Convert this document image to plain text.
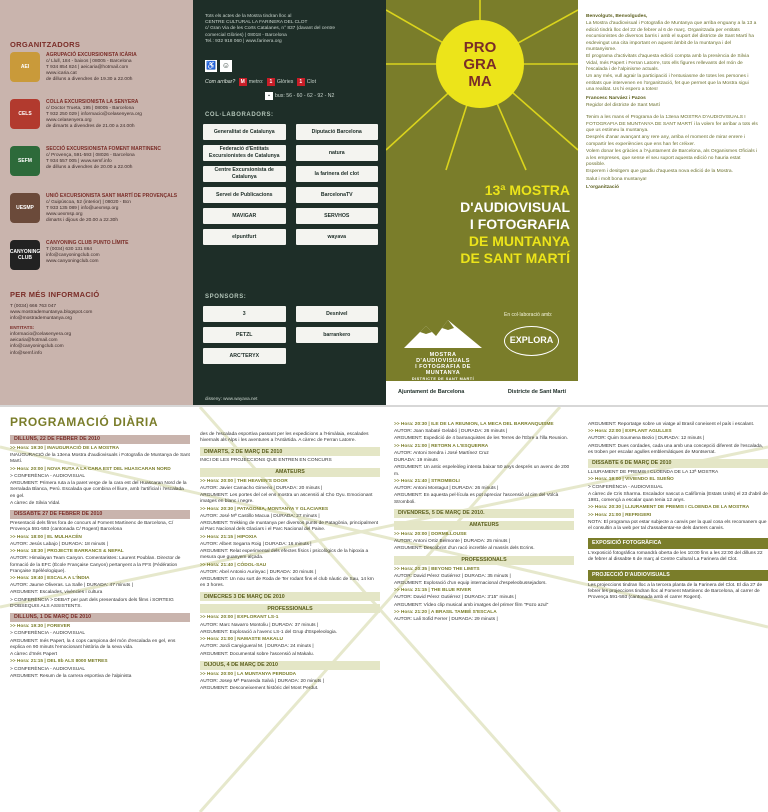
ORGANITZADORS
AEI
AGRUPACIÓ EXCURSIONISTA ICÀRIA
c/ Llull, 184 - baixos | 08005 - Barcelona
T 934 854 824 | aeicaria@hotmail.com
www.icaria.cat
de dilluns a divendres de 19.30 a 22.00h
CELS
COLLA EXCURSIONISTA LA SENYERA
c/ Doctor Trueta, 195 | 08005 - Barcelona
T 932 250 029 | informacio@celasenyera.org
www.celasenyera.org
de dimarts a divendres de 21.00 a 24.00h
SEFM
SECCIÓ EXCURSIONISTA FOMENT MARTINENC
c/ Provença, 591-593 | 08026 - Barcelona
T 934 557 005 | www.semf.info
de dilluns a divendres de 20.00 a 22.00h
UESMP
UNIÓ EXCURSIONISTA SANT MARTÍ DE PROVENÇALS
c/ Guipúscoa, 52 (interior) | 08020 - Bcn
T 933 135 089 | info@uexmsp.org
www.uexmsp.org
dimarts i dijous de 20.00 a 22.30h
CANYONING CLUB
CANYONING CLUB PUNTO LÍMITE
T (0034) 630 131 864
info@canyoningclub.com
www.canyoningclub.com
PER MÉS INFORMACIÓ
T (0034) 666 763 047
www.mostrademuntanya.blogspot.com
info@mostrademuntanya.org
ENTITATS:
informacio@celasenyera.org
aeicaria@hotmail.com
info@canyoningclub.com
info@semf.info
Tots els actes de la Mostra tindran lloc al
CENTRE CULTURAL LA FARINERA DEL CLOT
c/ Gran Via de les Corts Catalanes, n° 837 (davant del centre
comercial Glòries) | 08018 - Barcelona
Tel.: 932 918 060 | www.farinera.org
♿ ☺
Com arribar? M metro: 1 Glòries 1 Clot
▪ bus: 56 - 60 - 62 - 92 - N2
COL·LABORADORS:
Generalitat de Catalunya	Diputació Barcelona
Federació d'Entitats Excursionistes de Catalunya
natura
Centre Excursionista de Catalunya
la farinera del clot
Servei de Publicacions	BarcelonaTV
MAVIGAR	SERVHOS
elpuntfurt	wayava
SPONSORS:
3	Desnivel
PETZL	barrankero
ARC'TERYX
disseny: www.wayava.net
PRO
GRA
MA
13ª MOSTRA
D'AUDIOVISUAL
I FOTOGRAFIA
DE MUNTANYA
DE SANT MARTÍ
MOSTRA
D'AUDIOVISUALS
I FOTOGRAFIA DE
MUNTANYA
DISTRICTE DE SANT MARTÍ
En col·laboració amb:
EXPLORA
Ajuntament de Barcelona	Districte de Sant Martí
Benvolguts, Benvolgudes,
La Mostra d'audiovisual i Fotografia de Muntanya que arriba enguany a la 13 a edició tindrà lloc del 22 de febrer al 6 de març. Organitzada per entitats excursionistes de diversos barris i amb el suport del districte de Sant Martí ha esdevingut una cita important en aquest àmbit de la muntanya i del muntanyisme.
El programa d'activitats d'aquesta edició compta amb la presència de Silvia Vidal, Inés Papert i Ferran Latorre, tots ells figures rellevants del món de l'escalada i de l'alpinisme actuals.
Un any més, vull agrair la participació i l'entusiasme de totes les persones i entitats que intervenen en l'organització, fet que permet que la Mostra sigui una realitat. Us hi espero a totes!
Francesc Narváez i Pazos
Regidor del districte de Sant Martí
Tenim a les mans el Programa de la 13ena MOSTRA D'AUDIOVISUALS I FOTOGRAFIA DE MUNTANYA DE SANT MARTÍ i la volem fer arribar a tots els que us estimeu la muntanya.
Després d'anar avançant any rere any, arriba el moment de mirar enrere i compartir les experiències que ens han fet créixer.
Volem donar les gràcies a l'Ajuntament de Barcelona, als Organismes Oficials i a les empreses, que sense el seu suport aquesta edició no hauria estat possible.
Esperem i desitgem que gaudiu d'aquesta nova edició de la Mostra.
Salut i molt bona muntanya!
L'organització
PROGRAMACIÓ DIÀRIA
DILLUNS, 22 DE FEBRER DE 2010
>> Hora: 19:30 | INAUGURACIÓ DE LA MOSTRA
INAUGURACIÓ de la 13ena Mostra d'audiovisuals i Fotografia de Muntanya de Sant Martí.
>> Hora: 20:00 | NOVA RUTA A LA CARA EST DEL HUASCARAN NORD
> CONFERÈNCIA - AUDIOVISUAL
ARGUMENT: Primera ruta a la paret verge de la cara est del Huascaran Nord de la Serralada Blanca, Perú. Escalada que combina el lliure, amb l'artificial i l'escalada en gel.
A càrrec de Silvia Vidal.
DISSABTE 27 DE FEBRER DE 2010
Presentació dels films fora de concurs al Foment Martinenc de Barcelona, C/ Provença 591-593 (cantonada C/ Rogent) Barcelona
>> Hora: 18:00 | EL MULHACÉN
AUTOR: Jesús Labajo | DURADA: 18 minuts |
>> Hora: 18:30 | PROJECTE BARRANCS & NEPAL
AUTOR: Himalayan Team Canyon. Comentaristes: Laurent Poublan. Director de formació de la EFC (École Française Canyon) pertanyent a la FFS (Fédération Française Spéléologique).
>> Hora: 19:40 | ESCALA A L'ÍNDIA
AUTOR: Jaume Oliveras. La Salle | DURADA: 47 minuts |
ARGUMENT: Escalades, vivències i cultura
> CONFERÈNCIA > DEBAT per part dels presentadors dels films i SORTEIG D'OBSEQUIS ALS ASSISTENTS.
DILLUNS, 1 DE MARÇ DE 2010
>> Hora: 19:30 | FOREVER
> CONFERÈNCIA - AUDIOVISUAL
ARGUMENT: Inés Papert, la 4 cops campiona del món d'escalada en gel, ens explica en 90 minuts l'emocionant història de la seva vida.
A càrrec d'Inés Papert
>> Hora: 21:15 | DEL 8b ALS 8000 METRES
> CONFERÈNCIA - AUDIOVISUAL
ARGUMENT: Resum de la carrera esportiva de l'alpinista
des de l'escalada esportiva passant per les expedicions a l'Himàlaia, escalades hivernals als Alps i les aventures a l'Antàrtida. A càrrec de Ferran Latorre.
DIMARTS, 2 DE MARÇ DE 2010
INICI DE LES PROJECCIONS QUE ENTREN EN CONCURS
AMATEURS
>> Hora: 20:00 | THE HEAVEN'S DOOR
AUTOR: Javier Camacho Gimeno | DURADA: 20 minuts |
ARGUMENT: Les portes del cel ens mostra un ascensió al Cho Oyu. Emocionant imatges en blanc i negre.
>> Hora: 20:30 | PATAGONIA, MONTANYA Y GLACIARES
AUTOR: José Mª Castillo Macua | DURADA: 27 minuts |
ARGUMENT: Trekking de muntanya per diversos punts de Patagònia, principalment al Parc Nacional dels Glaciars i el Parc Nacional del Paine.
>> Hora: 21:15 | HIPOXIA
AUTOR: Albert Segarra Roig | DURADA: 16 minuts |
ARGUMENT: Relat experimental dels efectes físics i psicològics de la hipoxia a mesura que guanyem alçada.
>> Hora: 21:40 | CÓDOL-SAU
AUTOR: Abel Antonio Aurinyac | DURADA: 20 minuts |
ARGUMENT: Un nou surt de Roda de Ter rodant fins el club nàutic de Sau, 14 km en 3 hores.
DIMECRES 3 DE MARÇ DE 2010
PROFESSIONALS
>> Hora: 20:00 | EXPLORANT LS-1
AUTOR: Marc Navarro Montoliu | DURADA: 37 minuts |
ARGUMENT: Exploració a l'avenc LS-1 del Grup d'Espeleologia.
>> Hora: 21:00 | NAMASTE MAKALU
AUTOR: Jordi Canyigueral M. | DURADA: 24 minuts |
ARGUMENT: Documental sobre l'ascensió al Makalu.
DIJOUS, 4 DE MARÇ DE 2010
>> Hora: 20:00 | LA MUNTANYA PERDUDA
AUTOR: Josep Mª Parareda Salvà | DURADA: 20 minuts |
ARGUMENT: Desconeixement històric del Mont Perdut.
>> Hora: 20:30 | ILE DE LA REUNION, LA MECA DEL BARRANQUISME
AUTOR: Joan Sabaté Gelabó | DURADA: 26 minuts |
ARGUMENT: Expedició de 4 barranquistes de les Terres de l'Ebre a l'illa Reunion.
>> Hora: 21:00 | RETORN A L'ESQUERRA
AUTOR: Antoni Sendra i José Martínez Cruz
DURADA: 19 minuts
ARGUMENT: Un antic espeleòleg intenta baixar 50 anys després un avenc de 200 m.
>> Hora: 21:40 | STROMBOLI
AUTOR: Antoni Montagut | DURADA: 26 minuts |
ARGUMENT: En aquesta pel·lícula es pot apreciar l'ascensió al cim del Volcà Stromboli.
DIVENDRES, 5 DE MARÇ DE 2010.
AMATEURS
>> Hora: 20:00 | DORMILLOUSE
AUTOR: Antoni Ortiz Belmonte | DURADA: 25 minuts |
ARGUMENT: Descobrint d'un racó increïble al massís dels Ecrins.
PROFESSIONALS
>> Hora: 20:35 | BEYOND THE LIMITS
AUTOR: David Pérez Gutiérrez | DURADA: 35 minuts |
ARGUMENT: Exploració d'un equip internacional d'espeleobussejadors.
>> Hora: 21:15 | THE BLUE RIVER
AUTOR: David Pérez Gutiérrez | DURADA: 3'15'' minuts |
ARGUMENT: Vídeo clip musical amb imatges del primer film "Pozo azul"
>> Hora: 21:20 | A BRASIL TAMBÉ S'ESCALA
AUTOR: Lali Sofid Ferrer | DURADA: 29 minuts |
ARGUMENT: Reportatge sobre un viatge al Brasil coneixent el país i escalant.
>> Hora: 22:00 | EXPLANT AGULLES
AUTOR: Quim Soumena Bezio | DURADA: 12 minuts |
ARGUMENT: Dues cordades, cada una amb una concepció diferent de l'escalada, es troben per escalar agulles emblemàtiques de Montserrat.
DISSABTE 6 DE MARÇ DE 2010
LLIURAMENT DE PREMIS I CLOENDA DE LA 13ª MOSTRA
>> Hora: 19:00 | VIVIENDO EL SUEÑO
> CONFERÈNCIA - AUDIOVISUAL
A càrrec de Cris Sharma. Escalador nascut a Califòrnia (Estats Units) el 23 d'abril de 1981, començà a escalar quan tenia 12 anys.
>> Hora: 20:30 | LLIURAMENT DE PREMIS I CLOENDA DE LA MOSTRA
>> Hora: 21:00 | REFRIGERI
NOTA: El programa pot estar subjecte a canvis per la qual cosa els recomanem que el consultin a la web per tal d'assabentar-se dels darrers canvis.
EXPOSICIÓ FOTOGRÀFICA
L'exposició fotogràfica romandrà oberta de les 10:00 fins a les 22:00 del dilluns 22 de febrer al dissabte 6 de març al Centre Cultural La Farinera del Clot.
PROJECCIÓ D'AUDIOVISUALS
Les projeccions tindran lloc a la tercera planta de la Farinera del Clot. El dia 27 de febrer les projeccions tindran lloc al Foment Martinenc de Barcelona, al carrer de Provença 591-593 (cantonada amb el carrer Rogent).
